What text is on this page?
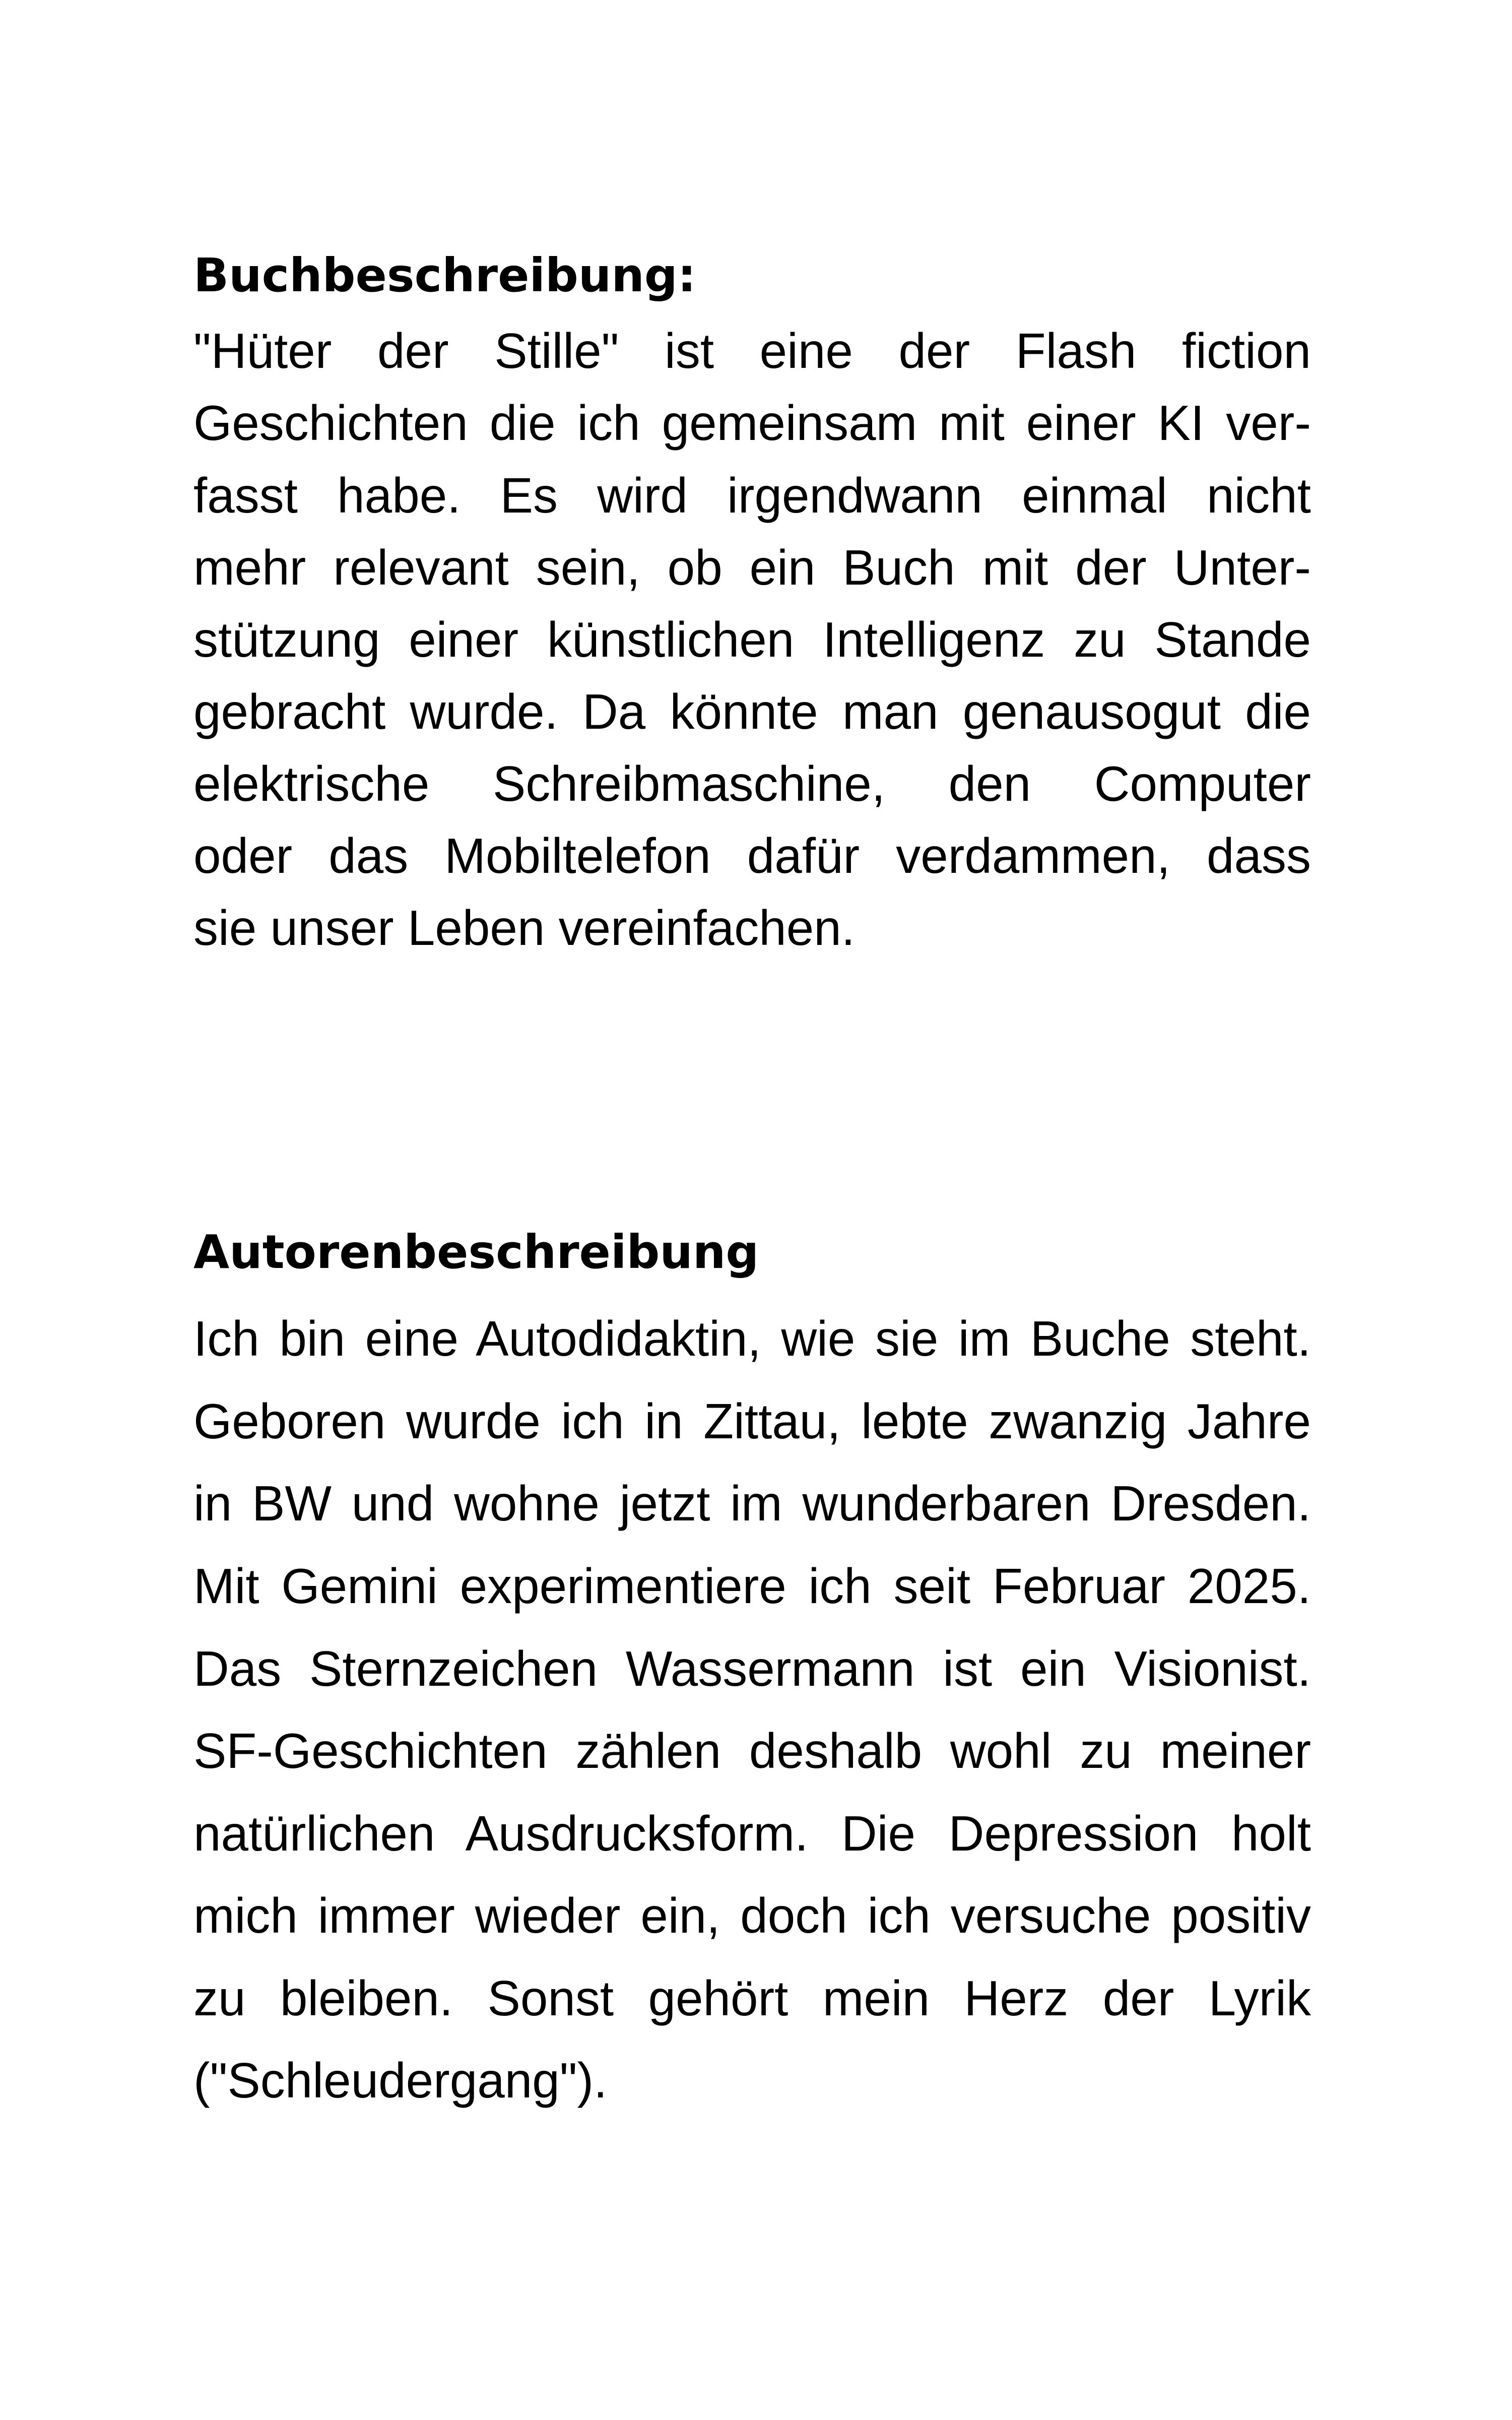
Buchbeschreibung:

"Hüter der Stille" ist eine der Flash fiction

Geschichten die ich gemeinsam mit einer KI ver-

fasst habe. Es wird irgendwann einmal nicht

mehr relevant sein, ob ein Buch mit der Unter-

stützung einer künstlichen Intelligenz zu Stande

gebracht wurde. Da könnte man genausogut die

elektrische Schreibmaschine, den Computer

oder das Mobiltelefon dafür verdammen, dass

sie unser Leben vereinfachen.

Autorenbeschreibung

Ich bin eine Autodidaktin, wie sie im Buche steht.

Geboren wurde ich in Zittau, lebte zwanzig Jahre

in BW und wohne jetzt im wunderbaren Dresden.

Mit Gemini experimentiere ich seit Februar 2025.

Das Sternzeichen Wassermann ist ein Visionist.

SF-Geschichten zählen deshalb wohl zu meiner

natürlichen Ausdrucksform. Die Depression holt

mich immer wieder ein, doch ich versuche positiv

zu bleiben. Sonst gehört mein Herz der Lyrik

("Schleudergang").
